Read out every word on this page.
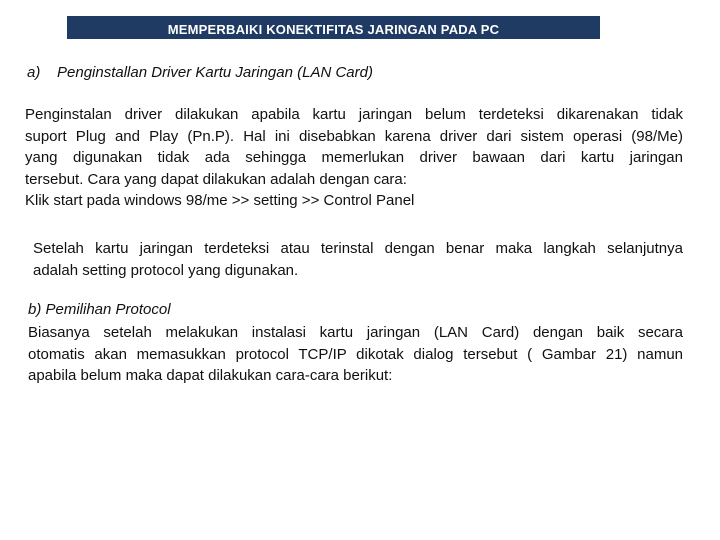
MEMPERBAIKI KONEKTIFITAS JARINGAN PADA PC
a) Penginstallan Driver Kartu Jaringan (LAN Card)
Penginstalan driver dilakukan apabila kartu jaringan belum terdeteksi dikarenakan tidak
suport Plug and Play (Pn.P). Hal ini disebabkan karena driver dari sistem operasi (98/Me)
yang digunakan tidak ada sehingga memerlukan driver bawaan dari kartu jaringan
tersebut. Cara yang dapat dilakukan adalah dengan cara:
Klik start pada windows 98/me >> setting >> Control Panel
Setelah kartu jaringan terdeteksi atau terinstal dengan benar maka langkah selanjutnya
adalah setting protocol yang digunakan.
b) Pemilihan Protocol
Biasanya setelah melakukan instalasi kartu jaringan (LAN Card) dengan baik secara
otomatis akan memasukkan protocol TCP/IP dikotak dialog tersebut ( Gambar 21) namun
apabila belum maka dapat dilakukan cara-cara berikut:
